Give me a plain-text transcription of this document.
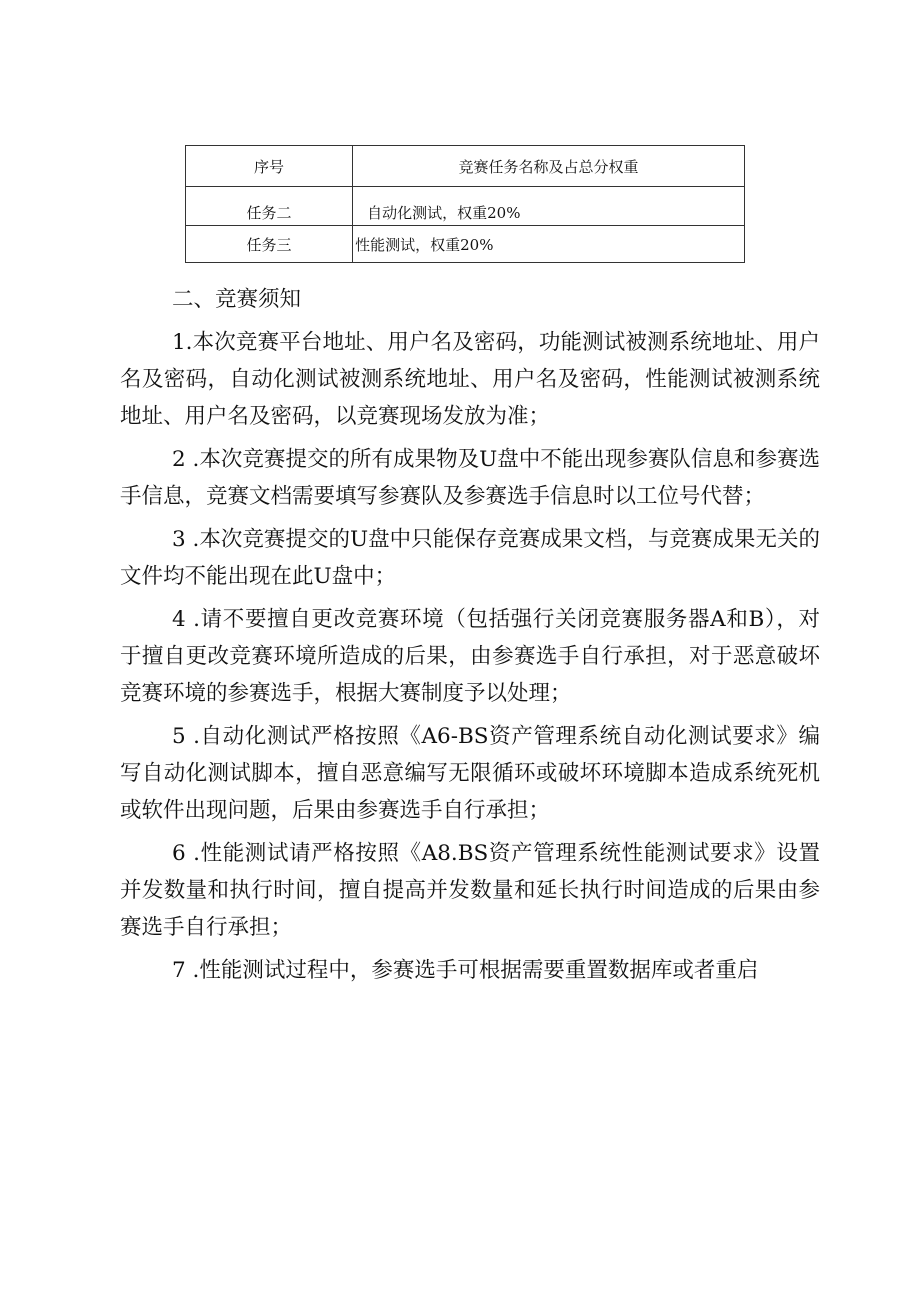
序号	竞赛任务名称及占总分权重
任务二	自动化测试，权重20%
任务三	性能测试，权重20%

二、竞赛须知

1.本次竞赛平台地址、用户名及密码，功能测试被测系统地址、用户名及密码，自动化测试被测系统地址、用户名及密码，性能测试被测系统地址、用户名及密码，以竞赛现场发放为准；

2 .本次竞赛提交的所有成果物及U盘中不能出现参赛队信息和参赛选手信息，竞赛文档需要填写参赛队及参赛选手信息时以工位号代替；

3 .本次竞赛提交的U盘中只能保存竞赛成果文档，与竞赛成果无关的文件均不能出现在此U盘中；

4 .请不要擅自更改竞赛环境（包括强行关闭竞赛服务器A和B），对于擅自更改竞赛环境所造成的后果，由参赛选手自行承担，对于恶意破坏竞赛环境的参赛选手，根据大赛制度予以处理；

5 .自动化测试严格按照《A6-BS资产管理系统自动化测试要求》编写自动化测试脚本，擅自恶意编写无限循环或破坏环境脚本造成系统死机或软件出现问题，后果由参赛选手自行承担；

6 .性能测试请严格按照《A8.BS资产管理系统性能测试要求》设置并发数量和执行时间，擅自提高并发数量和延长执行时间造成的后果由参赛选手自行承担；

7 .性能测试过程中，参赛选手可根据需要重置数据库或者重启
